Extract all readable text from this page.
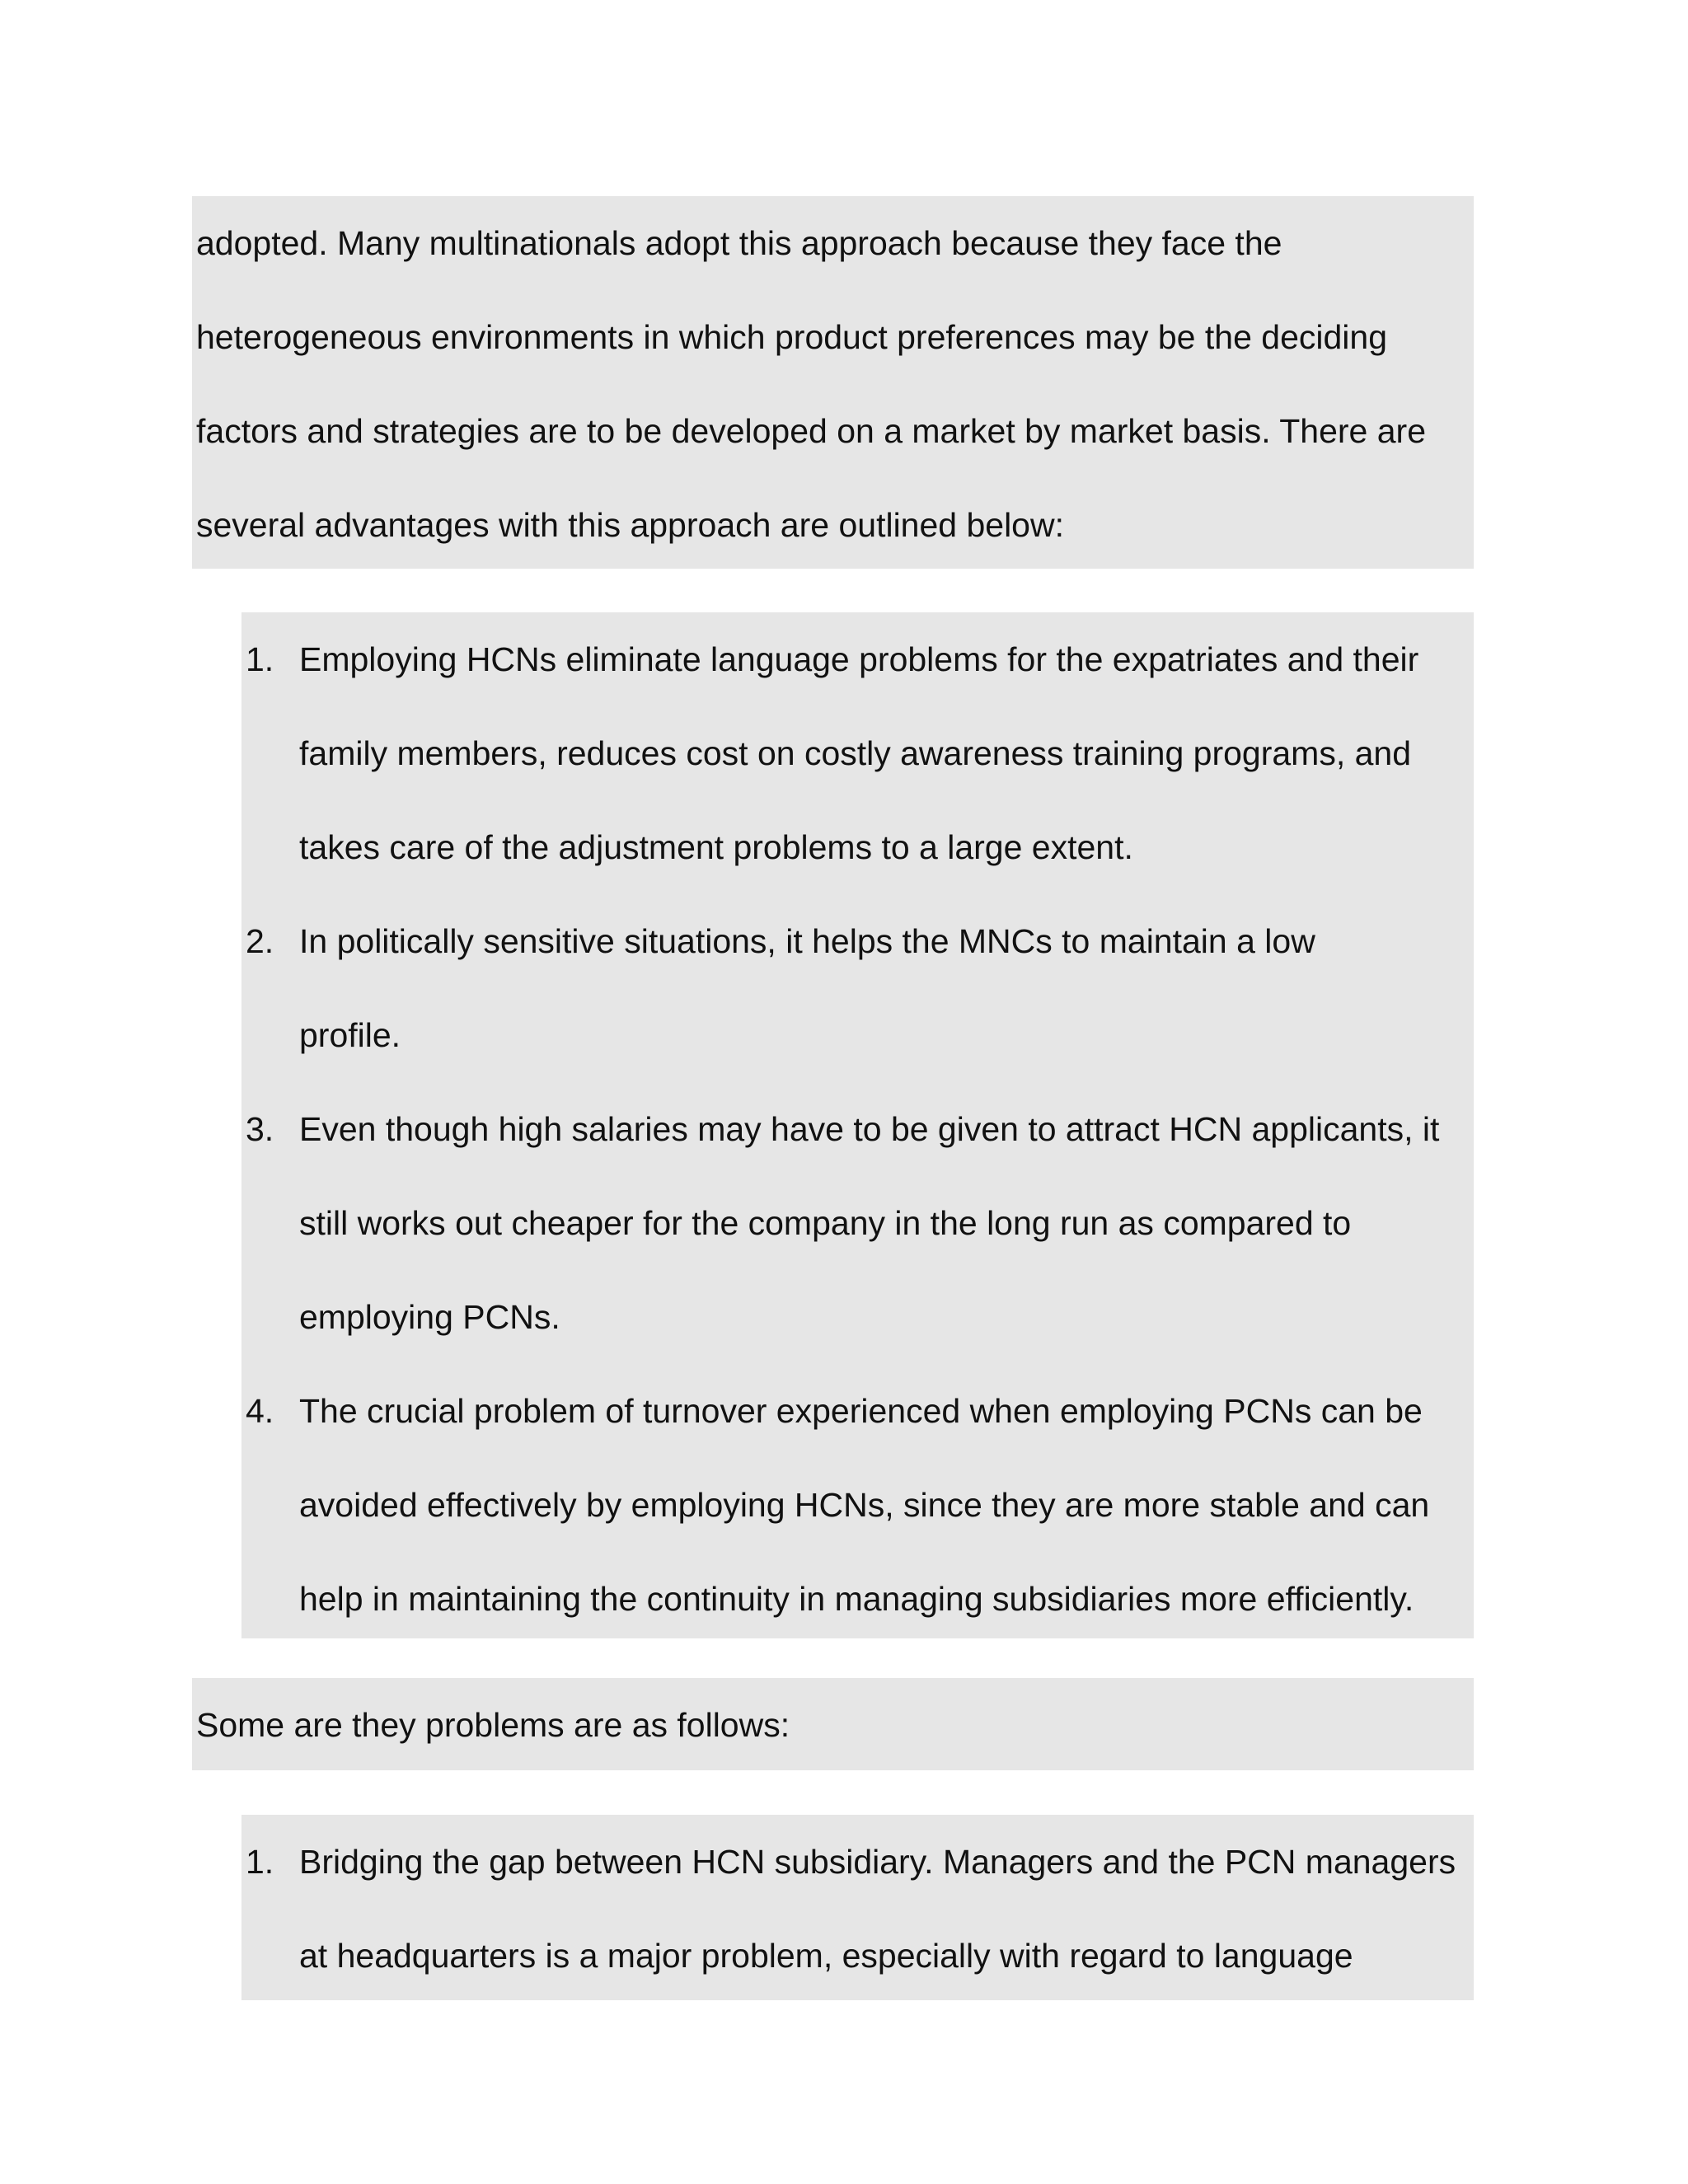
adopted. Many multinationals adopt this approach because they face the
heterogeneous environments in which product preferences may be the deciding
factors and strategies are to be developed on a market by market basis. There are
several advantages with this approach are outlined below:
1. Employing HCNs eliminate language problems for the expatriates and their
family members, reduces cost on costly awareness training programs, and
takes care of the adjustment problems to a large extent.
2. In politically sensitive situations, it helps the MNCs to maintain a low
profile.
3. Even though high salaries may have to be given to attract HCN applicants, it
still works out cheaper for the company in the long run as compared to
employing PCNs.
4. The crucial problem of turnover experienced when employing PCNs can be
avoided effectively by employing HCNs, since they are more stable and can
help in maintaining the continuity in managing subsidiaries more efficiently.
Some are they problems are as follows:
1. Bridging the gap between HCN subsidiary. Managers and the PCN managers
at headquarters is a major problem, especially with regard to language
